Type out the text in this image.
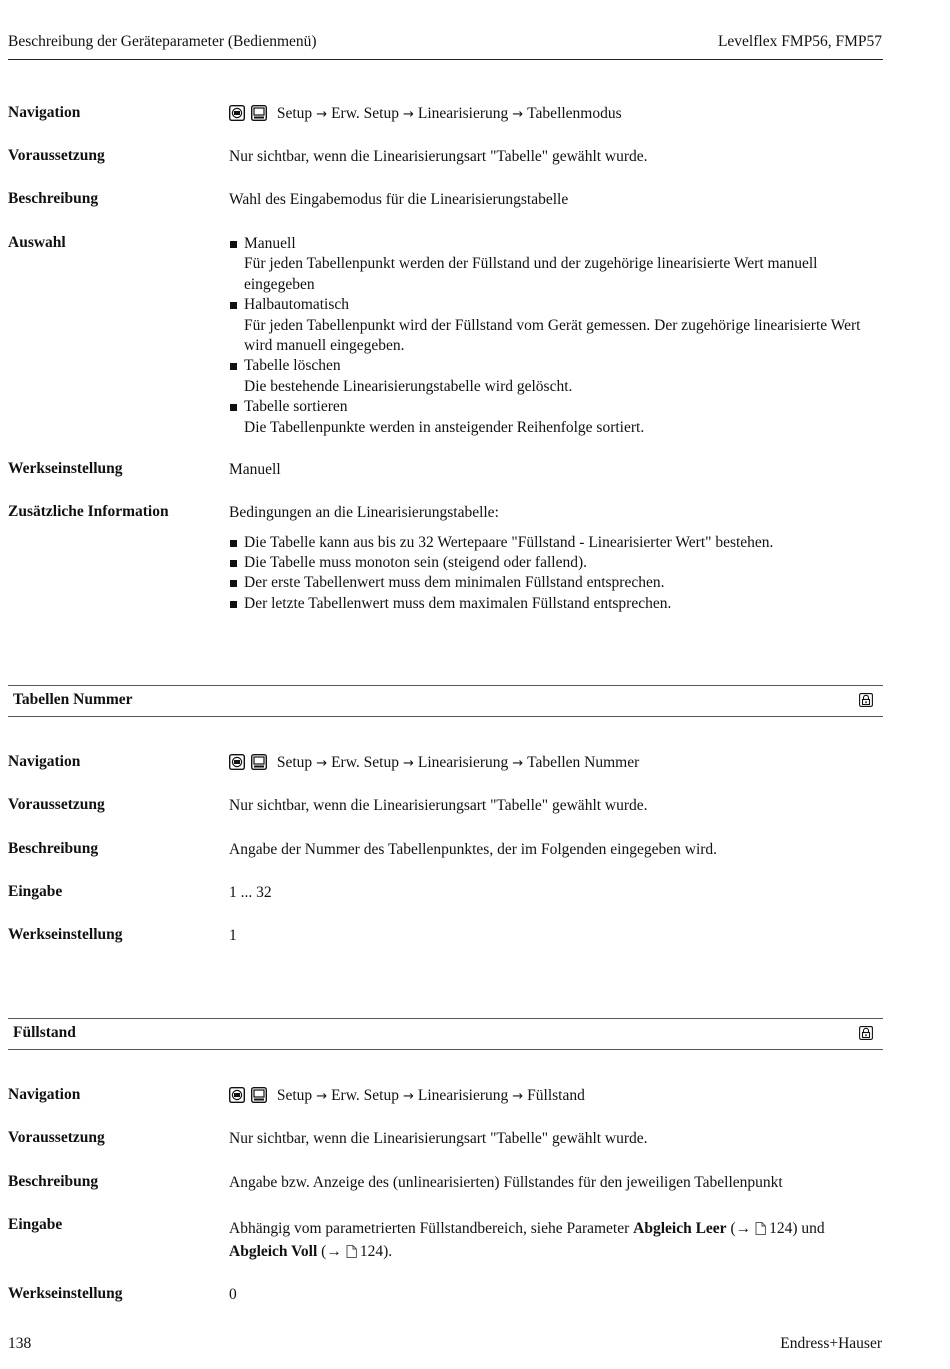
Beschreibung der Geräteparameter (Bedienmenü)	Levelflex FMP56, FMP57
Navigation	Setup → Erw. Setup → Linearisierung → Tabellenmodus
Voraussetzung	Nur sichtbar, wenn die Linearisierungsart "Tabelle" gewählt wurde.
Beschreibung	Wahl des Eingabemodus für die Linearisierungstabelle
Auswahl	Manuell
Für jeden Tabellenpunkt werden der Füllstand und der zugehörige linearisierte Wert manuell eingegeben
Halbautomatisch
Für jeden Tabellenpunkt wird der Füllstand vom Gerät gemessen. Der zugehörige linearisierte Wert wird manuell eingegeben.
Tabelle löschen
Die bestehende Linearisierungstabelle wird gelöscht.
Tabelle sortieren
Die Tabellenpunkte werden in ansteigender Reihenfolge sortiert.
Werkseinstellung	Manuell
Zusätzliche Information	Bedingungen an die Linearisierungstabelle:
Die Tabelle kann aus bis zu 32 Wertepaare "Füllstand - Linearisierter Wert" bestehen.
Die Tabelle muss monoton sein (steigend oder fallend).
Der erste Tabellenwert muss dem minimalen Füllstand entsprechen.
Der letzte Tabellenwert muss dem maximalen Füllstand entsprechen.
Tabellen Nummer
Navigation	Setup → Erw. Setup → Linearisierung → Tabellen Nummer
Voraussetzung	Nur sichtbar, wenn die Linearisierungsart "Tabelle" gewählt wurde.
Beschreibung	Angabe der Nummer des Tabellenpunktes, der im Folgenden eingegeben wird.
Eingabe	1 ... 32
Werkseinstellung	1
Füllstand
Navigation	Setup → Erw. Setup → Linearisierung → Füllstand
Voraussetzung	Nur sichtbar, wenn die Linearisierungsart "Tabelle" gewählt wurde.
Beschreibung	Angabe bzw. Anzeige des (unlinearisierten) Füllstandes für den jeweiligen Tabellenpunkt
Eingabe	Abhängig vom parametrierten Füllstandbereich, siehe Parameter Abgleich Leer (→ 124) und
Abgleich Voll (→ 124).
Werkseinstellung	0
138	Endress+Hauser
